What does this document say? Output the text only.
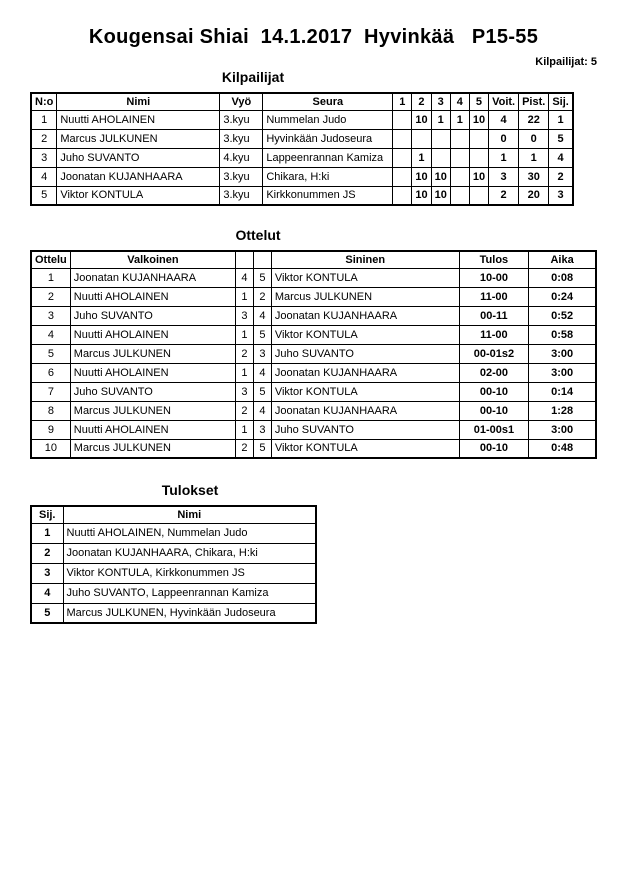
Kougensai Shiai  14.1.2017  Hyvinkää   P15-55
Kilpailijat: 5
Kilpailijat
N:o	Nimi	Vyö	Seura	1	2	3	4	5	Voit.	Pist.	Sij.
1	Nuutti AHOLAINEN	3.kyu	Nummelan Judo		10	1	1	10	4	22	1
2	Marcus JULKUNEN	3.kyu	Hyvinkään Judoseura						0	0	5
3	Juho SUVANTO	4.kyu	Lappeenrannan Kamiza		1				1	1	4
4	Joonatan KUJANHAARA	3.kyu	Chikara, H:ki		10	10		10	3	30	2
5	Viktor KONTULA	3.kyu	Kirkkonummen JS		10	10			2	20	3
Ottelut
Ottelu	Valkoinen			Sininen	Tulos	Aika
1	Joonatan KUJANHAARA	4	5	Viktor KONTULA	10-00	0:08
2	Nuutti AHOLAINEN	1	2	Marcus JULKUNEN	11-00	0:24
3	Juho SUVANTO	3	4	Joonatan KUJANHAARA	00-11	0:52
4	Nuutti AHOLAINEN	1	5	Viktor KONTULA	11-00	0:58
5	Marcus JULKUNEN	2	3	Juho SUVANTO	00-01s2	3:00
6	Nuutti AHOLAINEN	1	4	Joonatan KUJANHAARA	02-00	3:00
7	Juho SUVANTO	3	5	Viktor KONTULA	00-10	0:14
8	Marcus JULKUNEN	2	4	Joonatan KUJANHAARA	00-10	1:28
9	Nuutti AHOLAINEN	1	3	Juho SUVANTO	01-00s1	3:00
10	Marcus JULKUNEN	2	5	Viktor KONTULA	00-10	0:48
Tulokset
Sij.	Nimi
1	Nuutti AHOLAINEN, Nummelan Judo
2	Joonatan KUJANHAARA, Chikara, H:ki
3	Viktor KONTULA, Kirkkonummen JS
4	Juho SUVANTO, Lappeenrannan Kamiza
5	Marcus JULKUNEN, Hyvinkään Judoseura
